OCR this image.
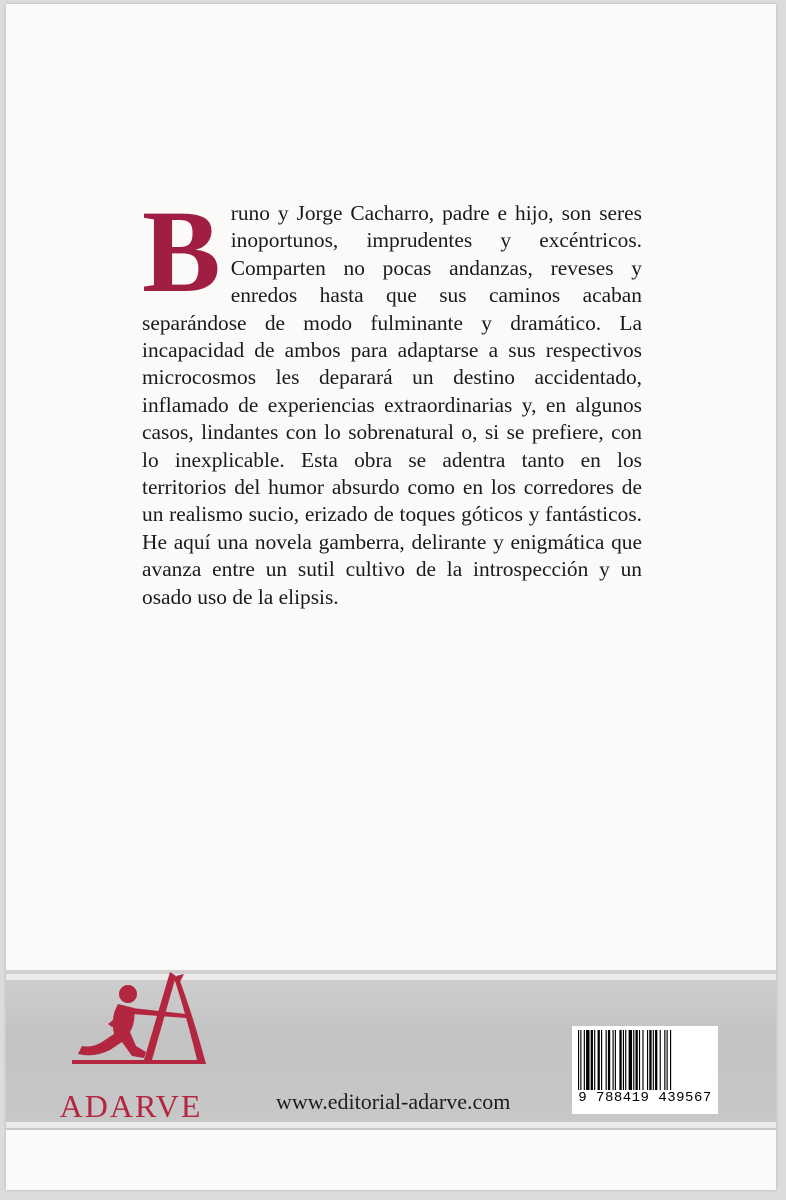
Bruno y Jorge Cacharro, padre e hijo, son seres inoportunos, imprudentes y excéntricos. Comparten no pocas andanzas, reveses y enredos hasta que sus caminos acaban separándose de modo fulminante y dramático. La incapacidad de ambos para adaptarse a sus respectivos microcosmos les deparará un destino accidentado, inflamado de experiencias extraordinarias y, en algunos casos, lindantes con lo sobrenatural o, si se prefiere, con lo inexplicable. Esta obra se adentra tanto en los territorios del humor absurdo como en los corredores de un realismo sucio, erizado de toques góticos y fantásticos. He aquí una novela gamberra, delirante y enigmática que avanza entre un sutil cultivo de la introspección y un osado uso de la elipsis.
ADARVE	www.editorial-adarve.com	9 788419 439567
